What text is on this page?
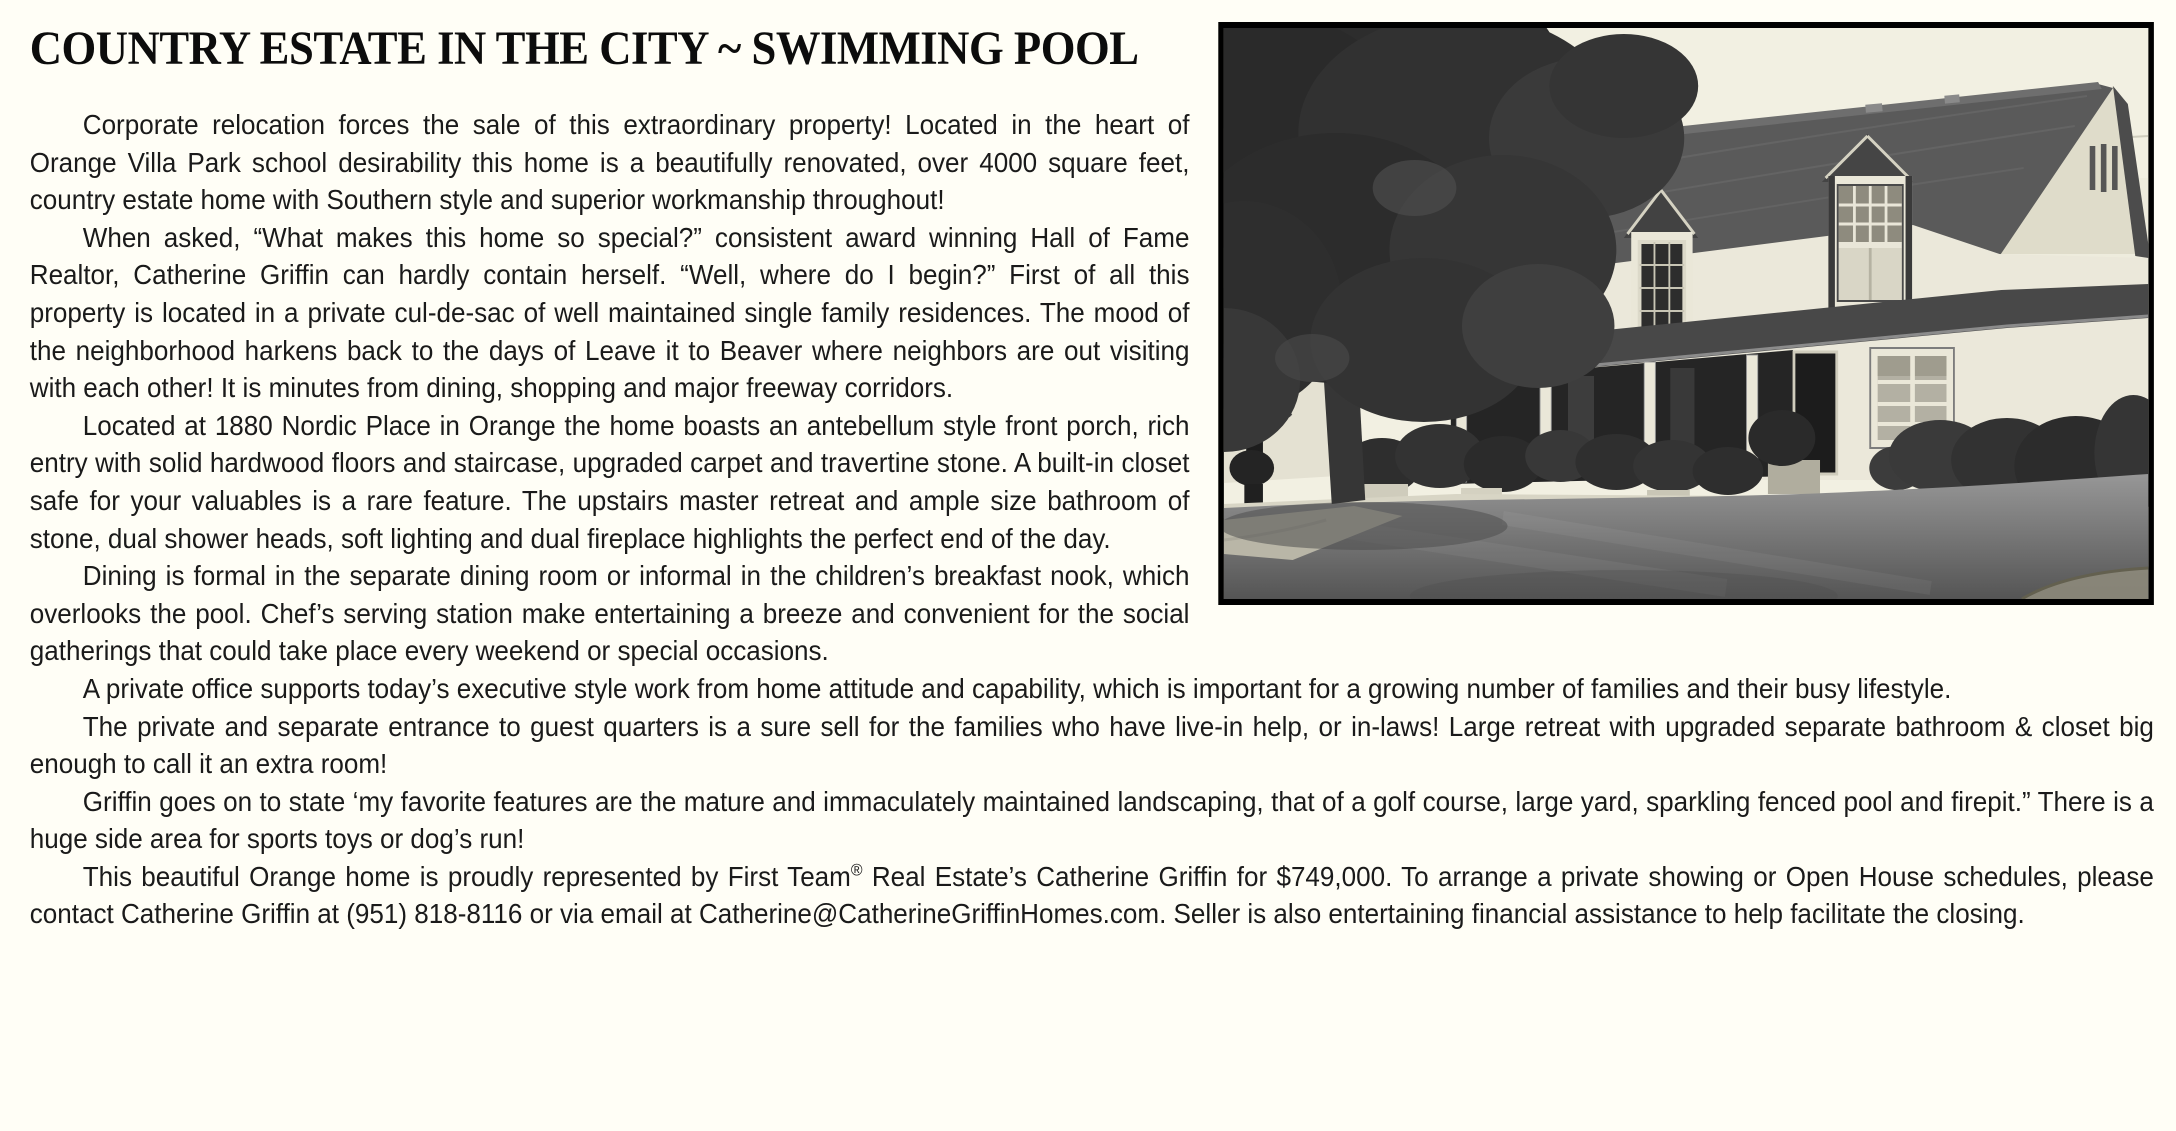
COUNTRY ESTATE IN THE CITY ~ SWIMMING POOL

Corporate relocation forces the sale of this extraordinary property! Located in the heart of Orange Villa Park school desirability this home is a beautifully renovated, over 4000 square feet, country estate home with Southern style and superior workmanship throughout!

When asked, “What makes this home so special?” consistent award winning Hall of Fame Realtor, Catherine Griffin can hardly contain herself. “Well, where do I begin?” First of all this property is located in a private cul-de-sac of well maintained single family residences. The mood of the neighborhood harkens back to the days of Leave it to Beaver where neighbors are out visiting with each other! It is minutes from dining, shopping and major freeway corridors.

Located at 1880 Nordic Place in Orange the home boasts an antebellum style front porch, rich entry with solid hardwood floors and staircase, upgraded carpet and travertine stone. A built-in closet safe for your valuables is a rare feature. The upstairs master retreat and ample size bathroom of stone, dual shower heads, soft lighting and dual fireplace highlights the perfect end of the day.

Dining is formal in the separate dining room or informal in the children’s breakfast nook, which overlooks the pool. Chef’s serving station make entertaining a breeze and convenient for the social gatherings that could take place every weekend or special occasions.

A private office supports today’s executive style work from home attitude and capability, which is important for a growing number of families and their busy lifestyle.

The private and separate entrance to guest quarters is a sure sell for the families who have live-in help, or in-laws! Large retreat with upgraded separate bathroom & closet big enough to call it an extra room!

Griffin goes on to state ‘my favorite features are the mature and immaculately maintained landscaping, that of a golf course, large yard, sparkling fenced pool and firepit.” There is a huge side area for sports toys or dog’s run!

This beautiful Orange home is proudly represented by First Team® Real Estate’s Catherine Griffin for $749,000. To arrange a private showing or Open House schedules, please contact Catherine Griffin at (951) 818-8116 or via email at Catherine@CatherineGriffinHomes.com. Seller is also entertaining financial assistance to help facilitate the closing.
